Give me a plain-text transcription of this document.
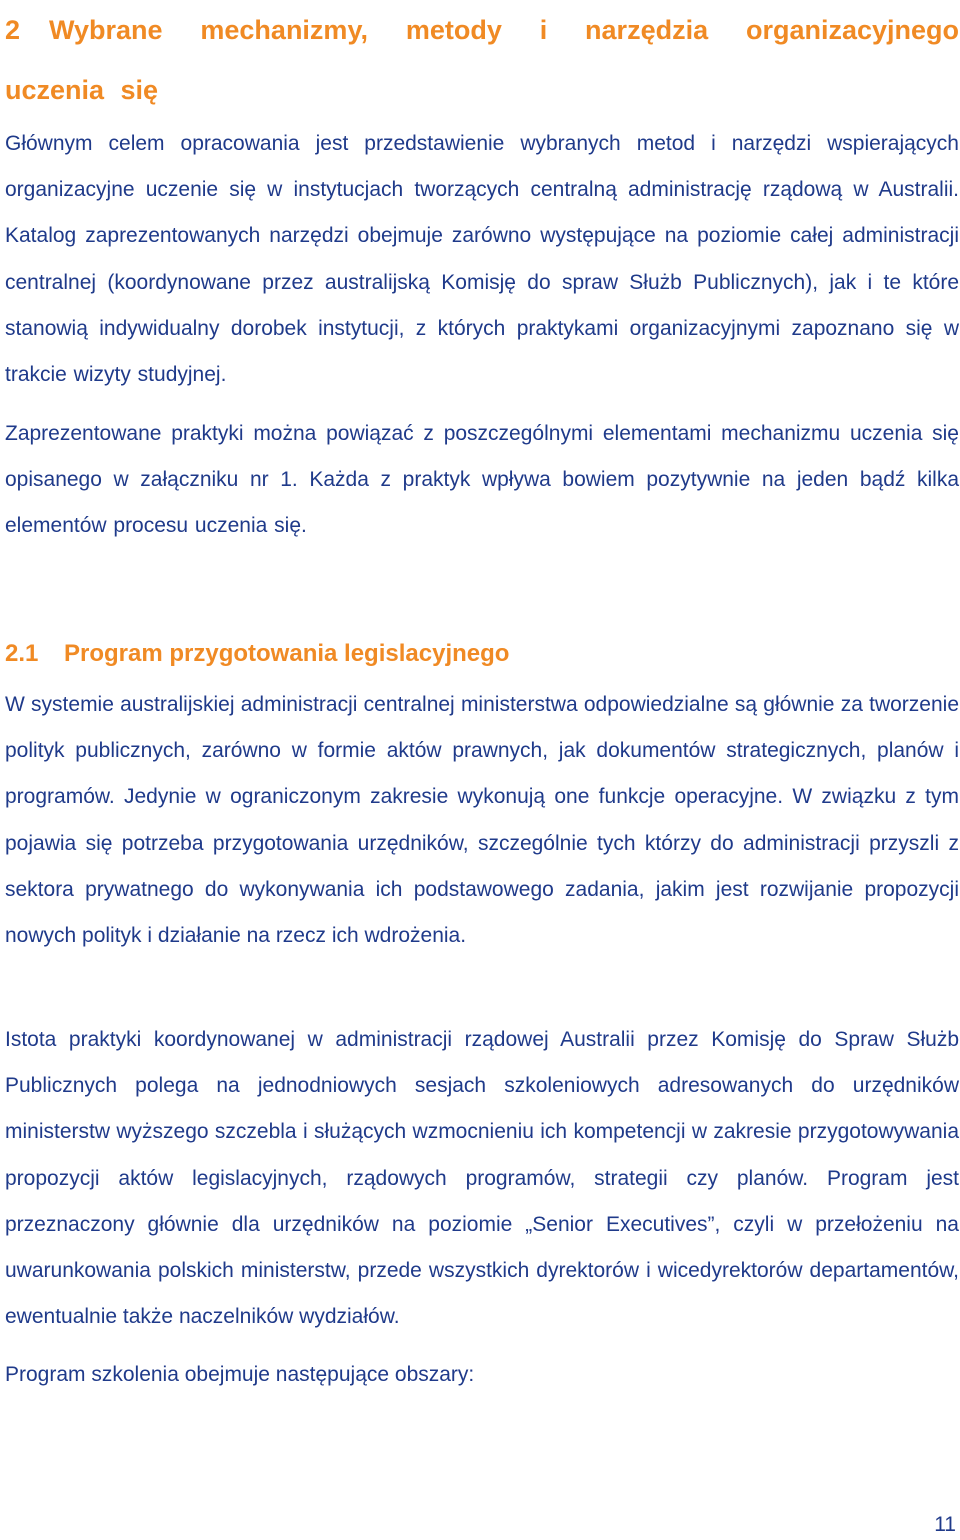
2 Wybrane mechanizmy, metody i narzędzia organizacyjnego uczenia się
Głównym celem opracowania jest przedstawienie wybranych metod i narzędzi wspierających organizacyjne uczenie się w instytucjach tworzących centralną administrację rządową w Australii. Katalog zaprezentowanych narzędzi obejmuje zarówno występujące na poziomie całej administracji centralnej (koordynowane przez australijską Komisję do spraw Służb Publicznych), jak i te które stanowią indywidualny dorobek instytucji, z których praktykami organizacyjnymi zapoznano się w trakcie wizyty studyjnej.
Zaprezentowane praktyki można powiązać z poszczególnymi elementami mechanizmu uczenia się opisanego w załączniku nr 1. Każda z praktyk wpływa bowiem pozytywnie na jeden bądź kilka elementów procesu uczenia się.
2.1 Program przygotowania legislacyjnego
W systemie australijskiej administracji centralnej ministerstwa odpowiedzialne są głównie za tworzenie polityk publicznych, zarówno w formie aktów prawnych, jak dokumentów strategicznych, planów i programów. Jedynie w ograniczonym zakresie wykonują one funkcje operacyjne. W związku z tym pojawia się potrzeba przygotowania urzędników, szczególnie tych którzy do administracji przyszli z sektora prywatnego do wykonywania ich podstawowego zadania, jakim jest rozwijanie propozycji nowych polityk i działanie na rzecz ich wdrożenia.
Istota praktyki koordynowanej w administracji rządowej Australii przez Komisję do Spraw Służb Publicznych polega na jednodniowych sesjach szkoleniowych adresowanych do urzędników ministerstw wyższego szczebla i służących wzmocnieniu ich kompetencji w zakresie przygotowywania propozycji aktów legislacyjnych, rządowych programów, strategii czy planów. Program jest przeznaczony głównie dla urzędników na poziomie „Senior Executives”, czyli w przełożeniu na uwarunkowania polskich ministerstw, przede wszystkich dyrektorów i wicedyrektorów departamentów, ewentualnie także naczelników wydziałów.
Program szkolenia obejmuje następujące obszary:
11
